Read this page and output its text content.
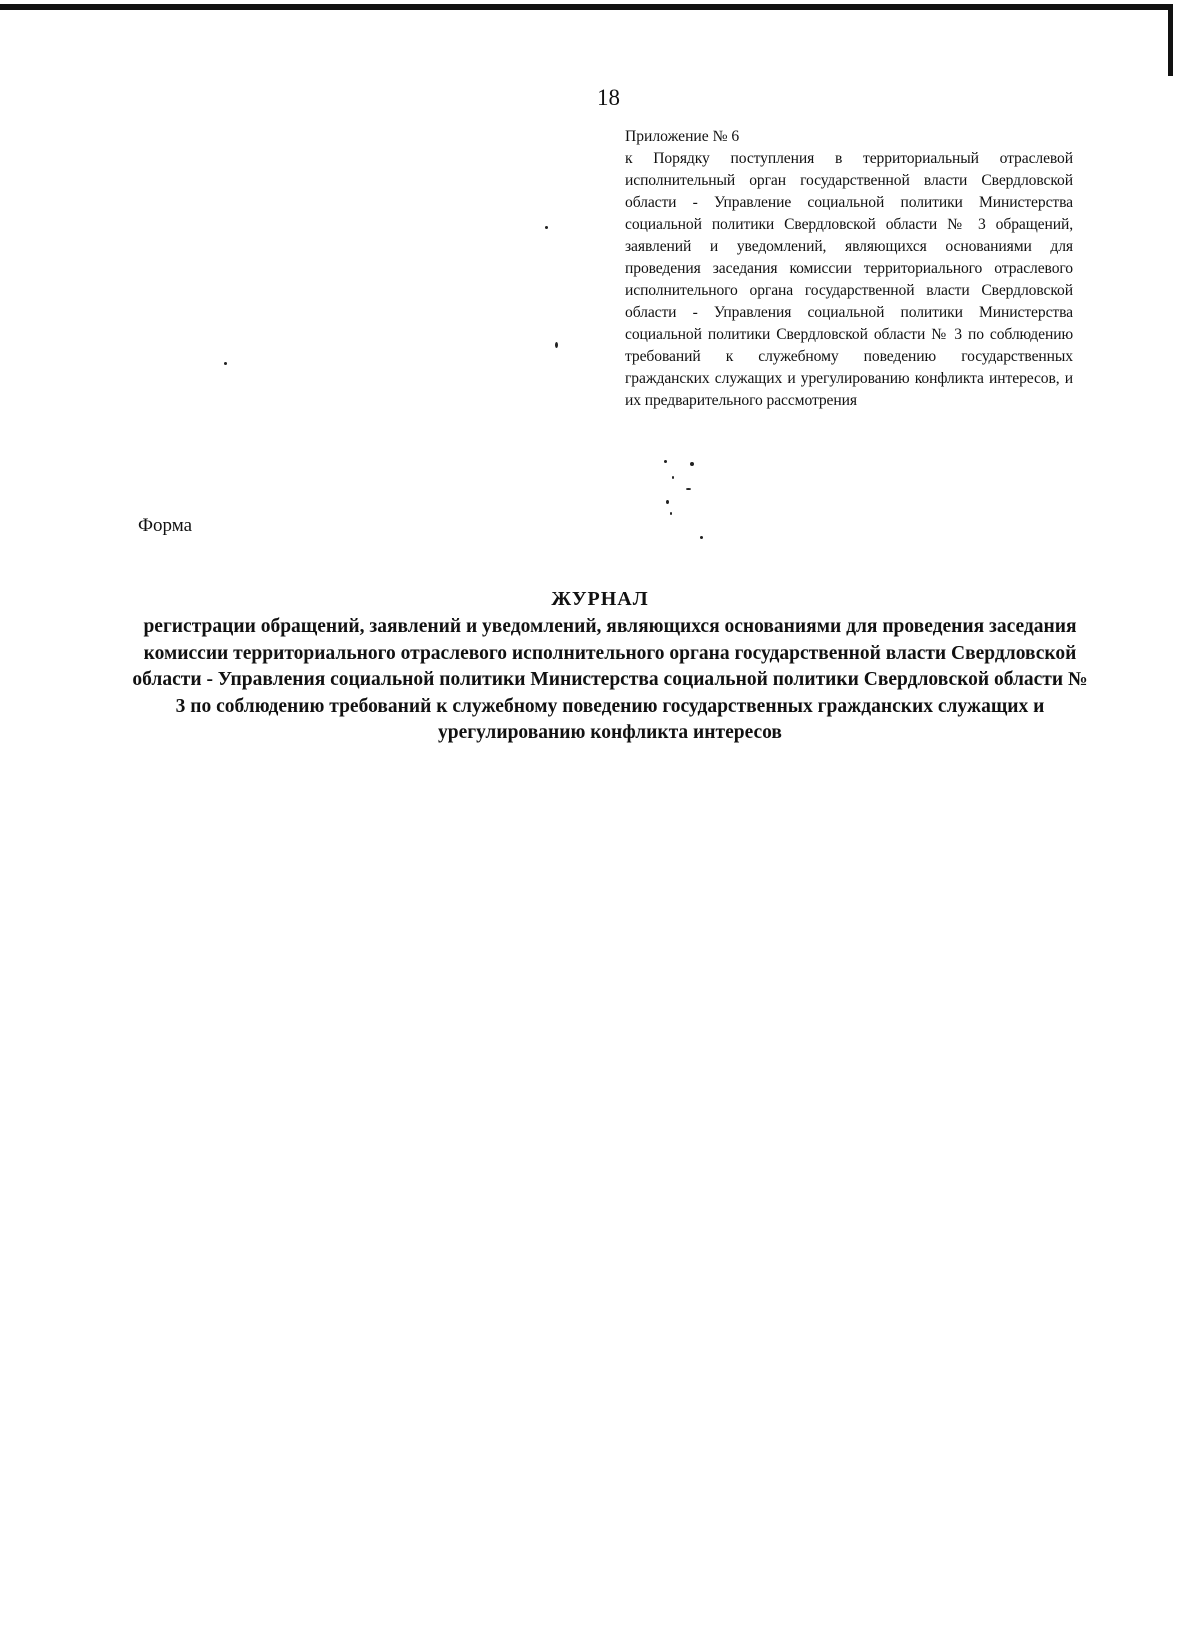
18

Приложение № 6

к Порядку поступления в территориальный отраслевой исполнительный орган государственной власти Свердловской области - Управление социальной политики Министерства социальной политики Свердловской области № 3 обращений, заявлений и уведомлений, являющихся основаниями для проведения заседания комиссии территориального отраслевого исполнительного органа государственной власти Свердловской области - Управления социальной политики Министерства социальной политики Свердловской области № 3 по соблюдению требований к служебному поведению государственных гражданских служащих и урегулированию конфликта интересов, и их предварительного рассмотрения

Форма
ЖУРНАЛ
регистрации обращений, заявлений и уведомлений, являющихся основаниями для проведения заседания комиссии территориального отраслевого исполнительного органа государственной власти Свердловской области - Управления социальной политики Министерства социальной политики Свердловской области № 3 по соблюдению требований к служебному поведению государственных гражданских служащих и урегулированию конфликта интересов
